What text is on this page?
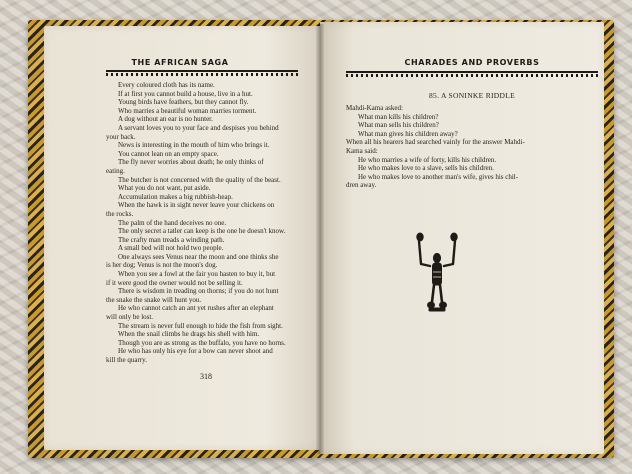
THE AFRICAN SAGA	CHARADES AND PROVERBS
Every coloured cloth has its name.
If at first you cannot build a house, live in a hut.
Young birds have feathers, but they cannot fly.
Who marries a beautiful woman marries torment.
A dog without an ear is no hunter.
A servant loves you to your face and despises you behind
your back.
News is interesting in the mouth of him who brings it.
You cannot lean on an empty space.
The fly never worries about death; he only thinks of
eating.
The butcher is not concerned with the quality of the beast.
What you do not want, put aside.
Accumulation makes a big rubbish-heap.
When the hawk is in sight never leave your chickens on
the rocks.
The palm of the hand deceives no one.
The only secret a tatler can keep is the one he doesn't know.
The crafty man treads a winding path.
A small bed will not hold two people.
One always sees Venus near the moon and one thinks she
is her dog; Venus is not the moon's dog.
When you see a fowl at the fair you hasten to buy it, but
if it were good the owner would not be selling it.
There is wisdom in treading on thorns; if you do not hunt
the snake the snake will hunt you.
He who cannot catch an ant yet rushes after an elephant
will only be lost.
The stream is never full enough to hide the fish from sight.
When the snail climbs he drags his shell with him.
Though you are as strong as the buffalo, you have no horns.
He who has only his eye for a bow can never shoot and
kill the quarry.
318
85. A SONINKE RIDDLE
Mahdi-Kama asked:
What man kills his children?
What man sells his children?
What man gives his children away?
When all his hearers had searched vainly for the answer Mahdi-
Kama said:
He who marries a wife of forty, kills his children.
He who makes love to a slave, sells his children.
He who makes love to another man's wife, gives his chil-
dren away.
